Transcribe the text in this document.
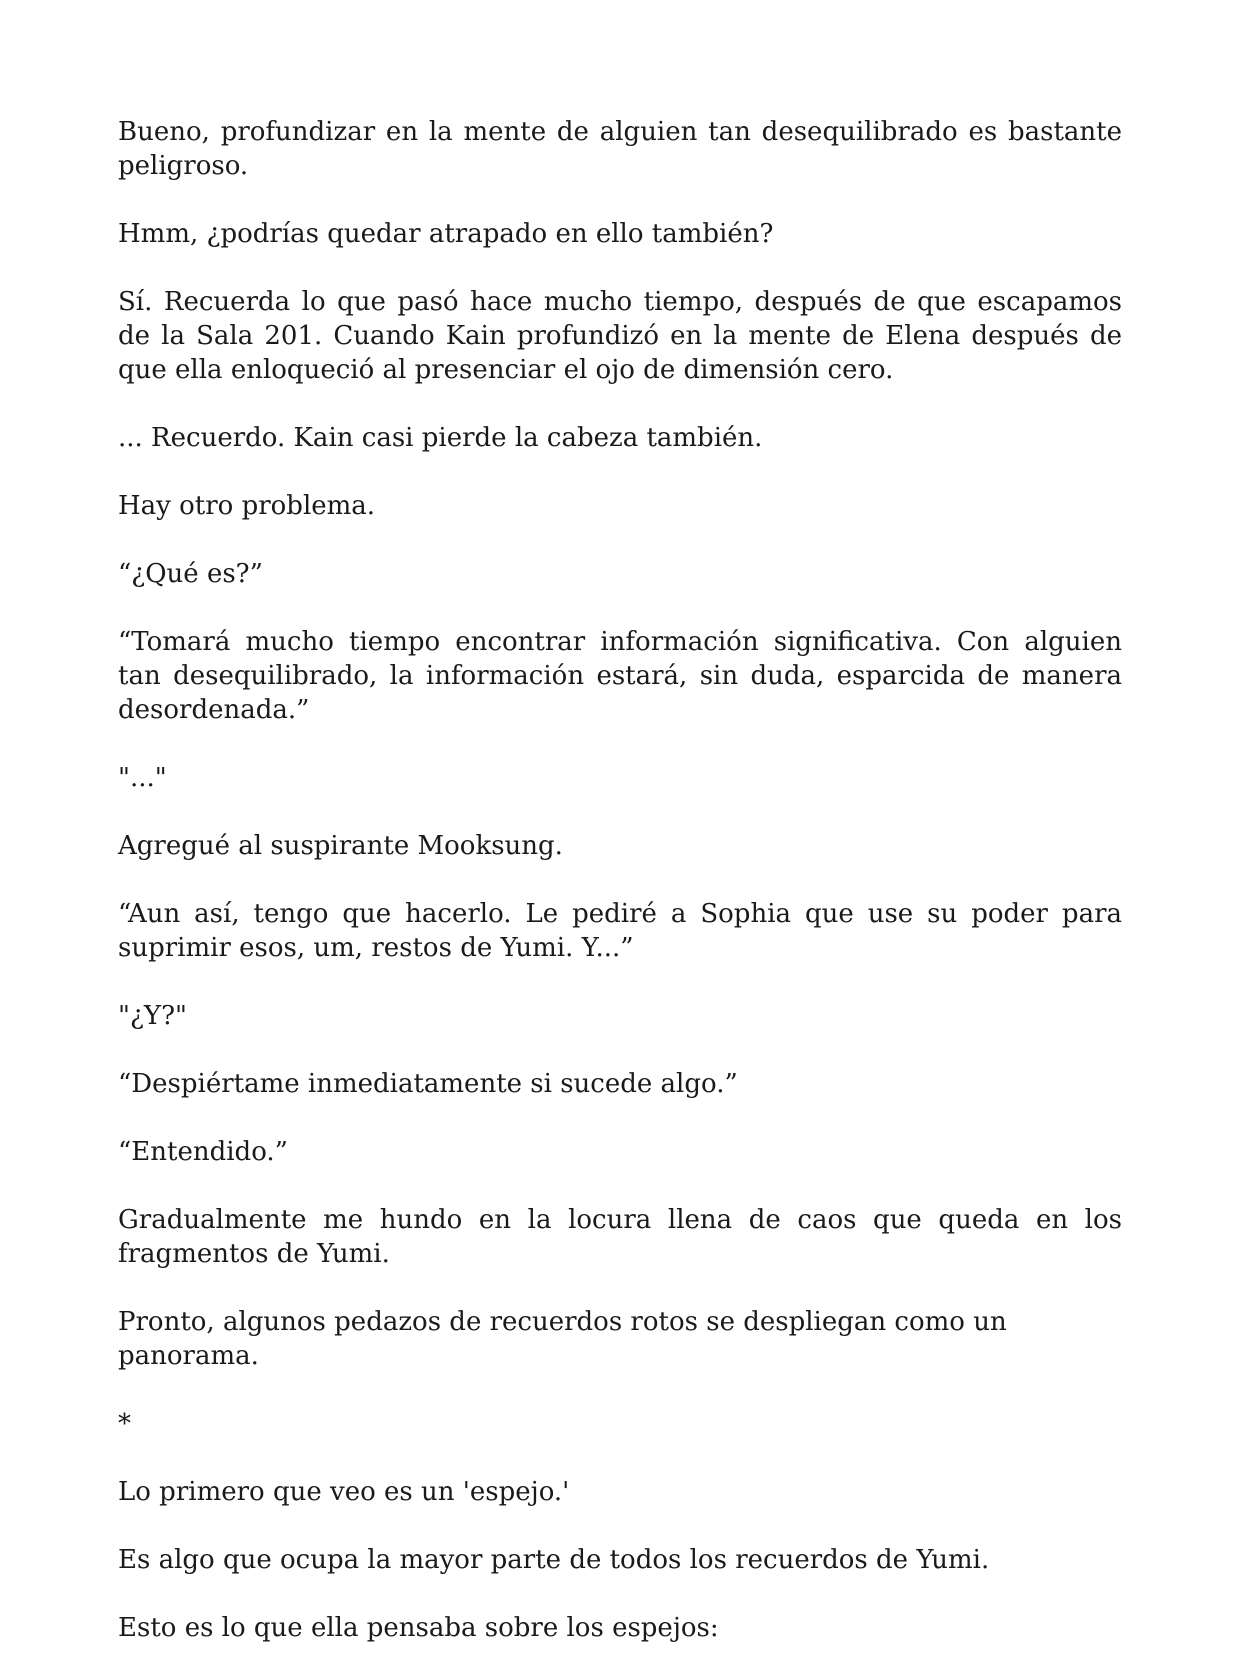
Bueno, profundizar en la mente de alguien tan desequilibrado es bastante peligroso.

Hmm, ¿podrías quedar atrapado en ello también?

Sí. Recuerda lo que pasó hace mucho tiempo, después de que escapamos de la Sala 201. Cuando Kain profundizó en la mente de Elena después de que ella enloqueció al presenciar el ojo de dimensión cero.

... Recuerdo. Kain casi pierde la cabeza también.

Hay otro problema.

“¿Qué es?”

“Tomará mucho tiempo encontrar información significativa. Con alguien tan desequilibrado, la información estará, sin duda, esparcida de manera desordenada.”

"..."

Agregué al suspirante Mooksung.

“Aun así, tengo que hacerlo. Le pediré a Sophia que use su poder para suprimir esos, um, restos de Yumi. Y...”

"¿Y?"

“Despiértame inmediatamente si sucede algo.”

“Entendido.”

Gradualmente me hundo en la locura llena de caos que queda en los fragmentos de Yumi.

Pronto, algunos pedazos de recuerdos rotos se despliegan como un panorama.

*

Lo primero que veo es un 'espejo.'

Es algo que ocupa la mayor parte de todos los recuerdos de Yumi.

Esto es lo que ella pensaba sobre los espejos:
